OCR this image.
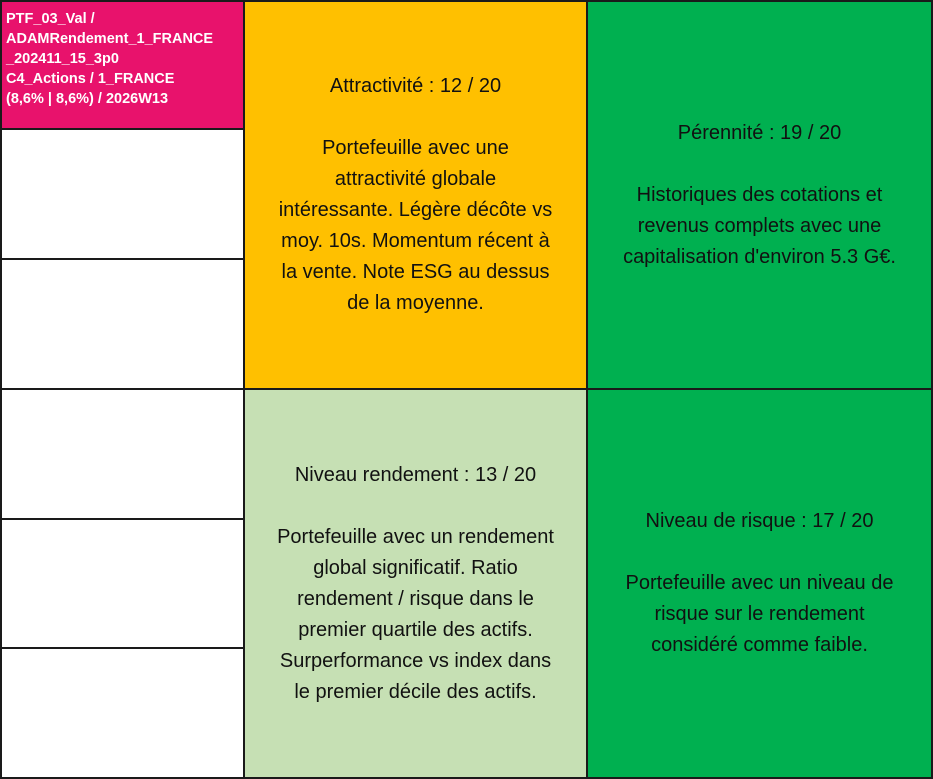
PTF_03_Val /
ADAMRendement_1_FRANCE
_202411_15_3p0
C4_Actions / 1_FRANCE
(8,6% | 8,6%) / 2026W13
Attractivité : 12 / 20
Portefeuille avec une
attractivité globale
intéressante. Légère décôte vs
moy. 10s. Momentum récent à
la vente. Note ESG au dessus
de la moyenne.
Pérennité : 19 / 20
Historiques des cotations et
revenus complets avec une
capitalisation d'environ 5.3 G€.
Niveau rendement : 13 / 20
Portefeuille avec un rendement
global significatif. Ratio
rendement / risque dans le
premier quartile des actifs.
Surperformance vs index dans
le premier décile des actifs.
Niveau de risque : 17 / 20
Portefeuille avec un niveau de
risque sur le rendement
considéré comme faible.
